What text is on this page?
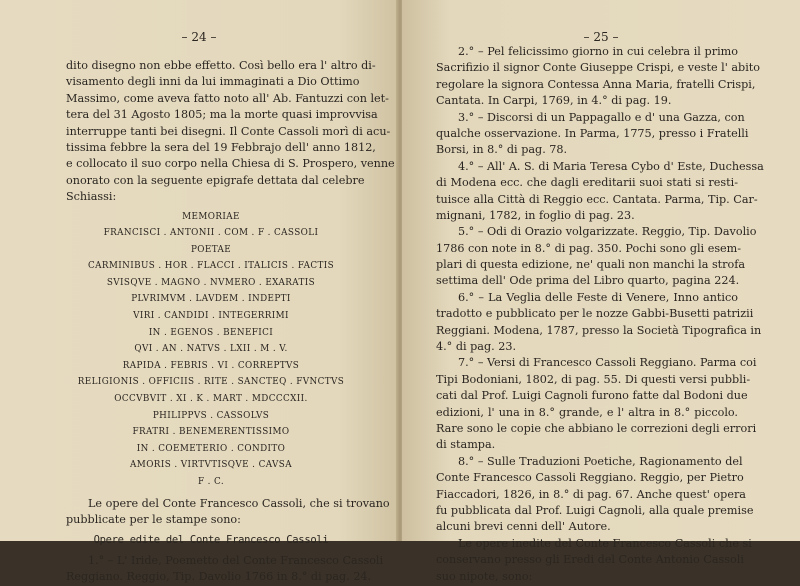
– 24 –
dito disegno non ebbe effetto. Così bello era l' altro di-
visamento degli inni da lui immaginati a Dio Ottimo
Massimo, come aveva fatto noto all' Ab. Fantuzzi con let-
tera del 31 Agosto 1805; ma la morte quasi improvvisa
interruppe tanti bei disegni. Il Conte Cassoli morì di acu-
tissima febbre la sera del 19 Febbrajo dell' anno 1812,
e collocato il suo corpo nella Chiesa di S. Prospero, venne
onorato con la seguente epigrafe dettata dal celebre
Schiassi:
MEMORIAE
FRANCISCI . ANTONII . COM . F . CASSOLI
POETAE
CARMINIBUS . HOR . FLACCI . ITALICIS . FACTIS
SVISQVE . MAGNO . NVMERO . EXARATIS
PLVRIMVM . LAVDEM . INDEPTI
VIRI . CANDIDI . INTEGERRIMI
IN . EGENOS . BENEFICI
QVI . AN . NATVS . LXII . M . V.
RAPIDA . FEBRIS . VI . CORREPTVS
RELIGIONIS . OFFICIIS . RITE . SANCTEQ . FVNCTVS
OCCVBVIT . XI . K . MART . MDCCCXII.
PHILIPPVS . CASSOLVS
FRATRI . BENEMERENTISSIMO
IN . COEMETERIO . CONDITO
AMORIS . VIRTVTISQVE . CAVSA
F . C.
Le opere del Conte Francesco Cassoli, che si trovano
pubblicate per le stampe sono:
Opere edite del Conte Francesco Cassoli
1.° – L' Iride, Poemetto del Conte Francesco Cassoli
Reggiano. Reggio, Tip. Davolio 1766 in 8.° di pag. 24.
– 25 –
2.° – Pel felicissimo giorno in cui celebra il primo
Sacrifizio il signor Conte Giuseppe Crispi, e veste l' abito
regolare la signora Contessa Anna Maria, fratelli Crispi,
Cantata. In Carpi, 1769, in 4.° di pag. 19.
3.° – Discorsi di un Pappagallo e d' una Gazza, con
qualche osservazione. In Parma, 1775, presso i Fratelli
Borsi, in 8.° di pag. 78.
4.° – All' A. S. di Maria Teresa Cybo d' Este, Duchessa
di Modena ecc. che dagli ereditarii suoi stati si resti-
tuisce alla Città di Reggio ecc. Cantata. Parma, Tip. Car-
mignani, 1782, in foglio di pag. 23.
5.° – Odi di Orazio volgarizzate. Reggio, Tip. Davolio
1786 con note in 8.° di pag. 350. Pochi sono gli esem-
plari di questa edizione, ne' quali non manchi la strofa
settima dell' Ode prima del Libro quarto, pagina 224.
6.° – La Veglia delle Feste di Venere, Inno antico
tradotto e pubblicato per le nozze Gabbi-Busetti patrizii
Reggiani. Modena, 1787, presso la Società Tipografica in
4.° di pag. 23.
7.° – Versi di Francesco Cassoli Reggiano. Parma coi
Tipi Bodoniani, 1802, di pag. 55. Di questi versi pubbli-
cati dal Prof. Luigi Cagnoli furono fatte dal Bodoni due
edizioni, l' una in 8.° grande, e l' altra in 8.° piccolo.
Rare sono le copie che abbiano le correzioni degli errori
di stampa.
8.° – Sulle Traduzioni Poetiche, Ragionamento del
Conte Francesco Cassoli Reggiano. Reggio, per Pietro
Fiaccadori, 1826, in 8.° di pag. 67. Anche quest' opera
fu pubblicata dal Prof. Luigi Cagnoli, alla quale premise
alcuni brevi cenni dell' Autore.
Le opere inedite del Conte Francesco Cassoli che si
conservano presso gli Eredi del Conte Antonio Cassoli
suo nipote, sono:
